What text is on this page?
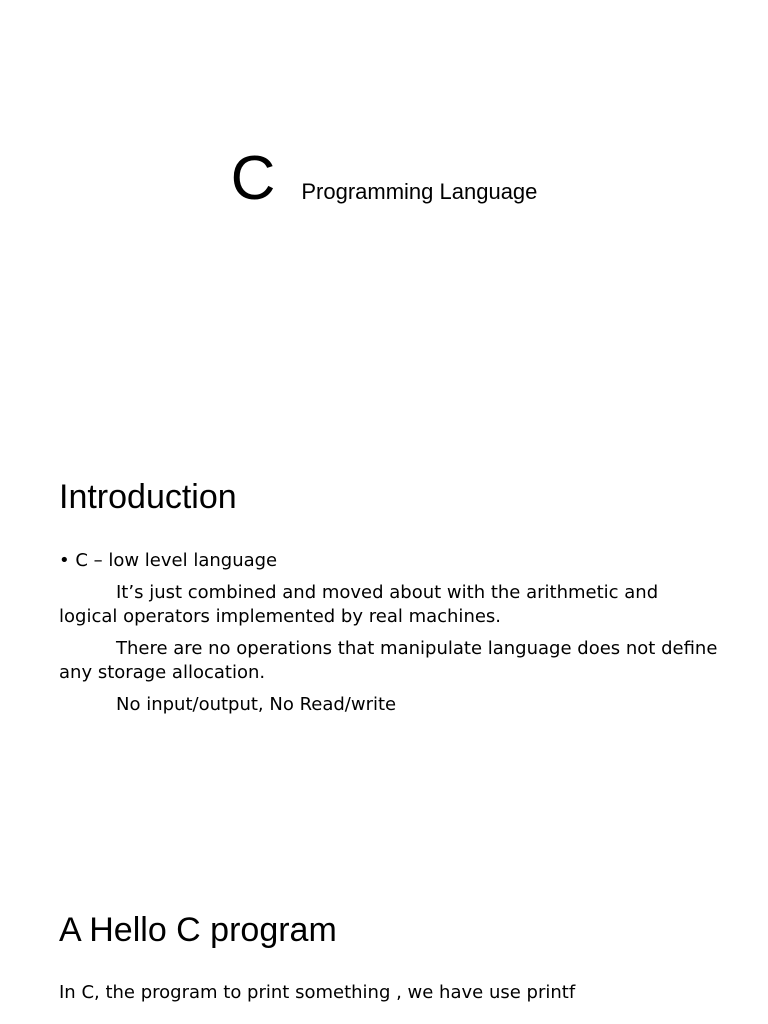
C Programming Language
Introduction

• C – low level language

It’s just combined and moved about with the arithmetic and logical operators implemented by real machines.

There are no operations that manipulate language does not define any storage allocation.

No input/output, No Read/write

A Hello C program
In C, the program to print something , we have use printf
